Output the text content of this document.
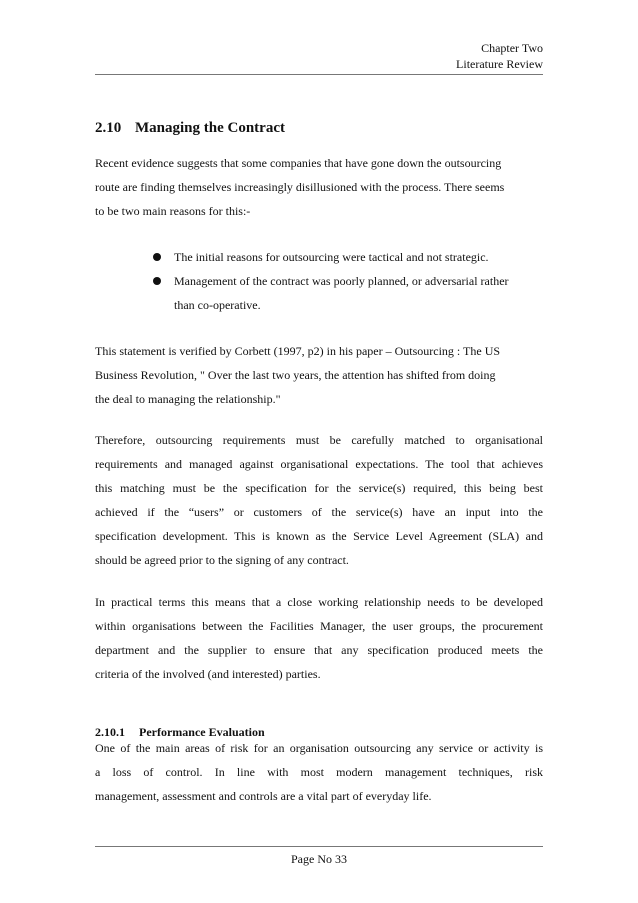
Chapter Two
Literature Review
2.10 Managing the Contract
Recent evidence suggests that some companies that have gone down the outsourcing
route are finding themselves increasingly disillusioned with the process. There seems
to be two main reasons for this:-
The initial reasons for outsourcing were tactical and not strategic.
Management of the contract was poorly planned, or adversarial rather
than co-operative.
This statement is verified by Corbett (1997, p2) in his paper – Outsourcing : The US
Business Revolution, " Over the last two years, the attention has shifted from doing
the deal to managing the relationship."
Therefore, outsourcing requirements must be carefully matched to organisational
requirements and managed against organisational expectations. The tool that achieves
this matching must be the specification for the service(s) required, this being best
achieved if the “users” or customers of the service(s) have an input into the
specification development. This is known as the Service Level Agreement (SLA) and
should be agreed prior to the signing of any contract.
In practical terms this means that a close working relationship needs to be developed
within organisations between the Facilities Manager, the user groups, the procurement
department and the supplier to ensure that any specification produced meets the
criteria of the involved (and interested) parties.
2.10.1 Performance Evaluation
One of the main areas of risk for an organisation outsourcing any service or activity is
a loss of control. In line with most modern management techniques, risk
management, assessment and controls are a vital part of everyday life.
Page No 33
